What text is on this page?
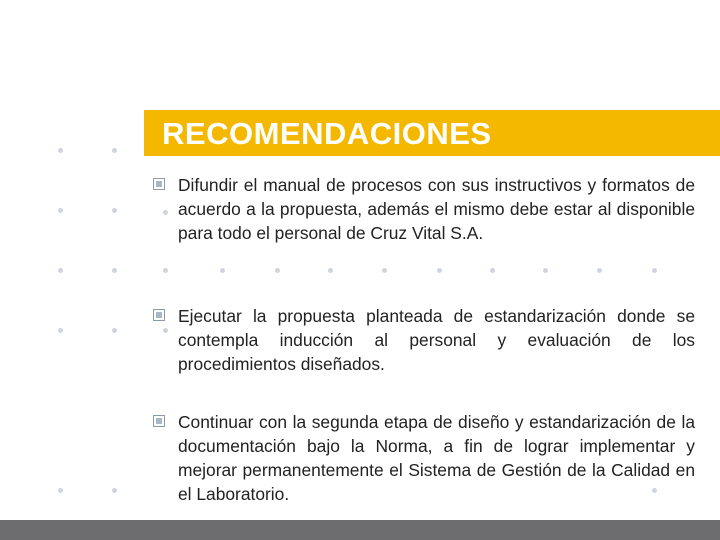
RECOMENDACIONES
Difundir el manual de procesos con sus instructivos y formatos de acuerdo a la propuesta, además el mismo debe estar al disponible para todo el personal de Cruz Vital S.A.
Ejecutar la propuesta planteada de estandarización donde se contempla inducción al personal y evaluación de los procedimientos diseñados.
Continuar con la segunda etapa de diseño y estandarización de la documentación bajo la Norma, a fin de lograr implementar y mejorar permanentemente el Sistema de Gestión de la Calidad en el Laboratorio.
